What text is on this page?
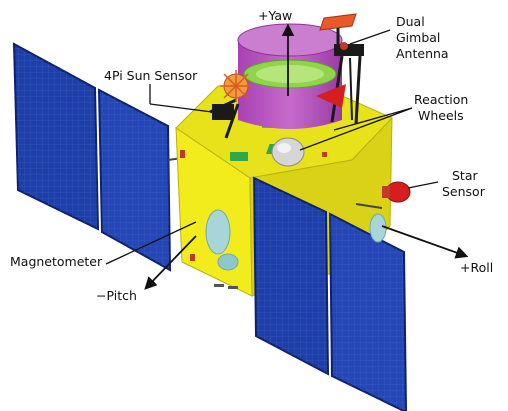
+Yaw	Dual
Gimbal
Antenna
4Pi Sun Sensor
Reaction
Wheels
Star
Sensor
Magnetometer
−Pitch
+Roll
